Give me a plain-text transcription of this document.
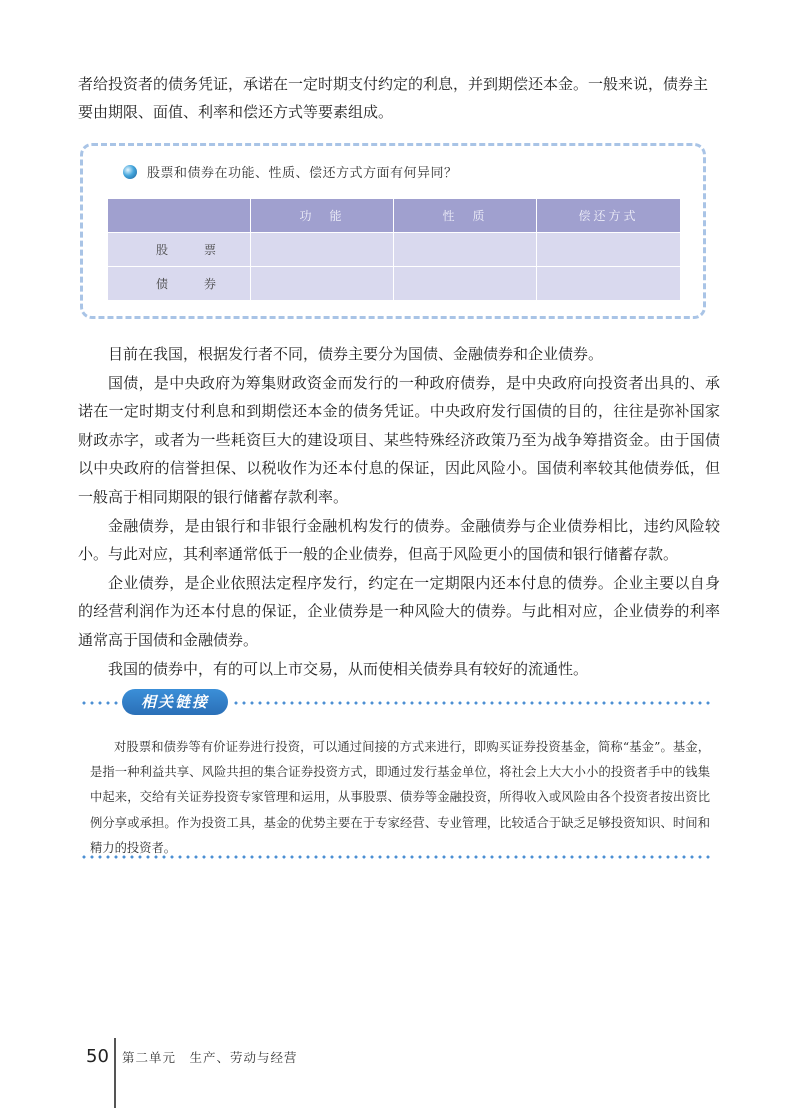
者给投资者的债务凭证，承诺在一定时期支付约定的利息，并到期偿还本金。一般来说，债券主要由期限、面值、利率和偿还方式等要素组成。

股票和债券在功能、性质、偿还方式方面有何异同？
	功　能	性　质	偿还方式
股　票			
债　券			

目前在我国，根据发行者不同，债券主要分为国债、金融债券和企业债券。

国债，是中央政府为筹集财政资金而发行的一种政府债券，是中央政府向投资者出具的、承诺在一定时期支付利息和到期偿还本金的债务凭证。中央政府发行国债的目的，往往是弥补国家财政赤字，或者为一些耗资巨大的建设项目、某些特殊经济政策乃至为战争筹措资金。由于国债以中央政府的信誉担保、以税收作为还本付息的保证，因此风险小。国债利率较其他债券低，但一般高于相同期限的银行储蓄存款利率。

金融债券，是由银行和非银行金融机构发行的债券。金融债券与企业债券相比，违约风险较小。与此对应，其利率通常低于一般的企业债券，但高于风险更小的国债和银行储蓄存款。

企业债券，是企业依照法定程序发行，约定在一定期限内还本付息的债券。企业主要以自身的经营利润作为还本付息的保证，企业债券是一种风险大的债券。与此相对应，企业债券的利率通常高于国债和金融债券。

我国的债券中，有的可以上市交易，从而使相关债券具有较好的流通性。

相关链接

对股票和债券等有价证券进行投资，可以通过间接的方式来进行，即购买证券投资基金，简称“基金”。基金，是指一种利益共享、风险共担的集合证券投资方式，即通过发行基金单位，将社会上大大小小的投资者手中的钱集中起来，交给有关证券投资专家管理和运用，从事股票、债券等金融投资，所得收入或风险由各个投资者按出资比例分享或承担。作为投资工具，基金的优势主要在于专家经营、专业管理，比较适合于缺乏足够投资知识、时间和精力的投资者。

50 第二单元　生产、劳动与经营
